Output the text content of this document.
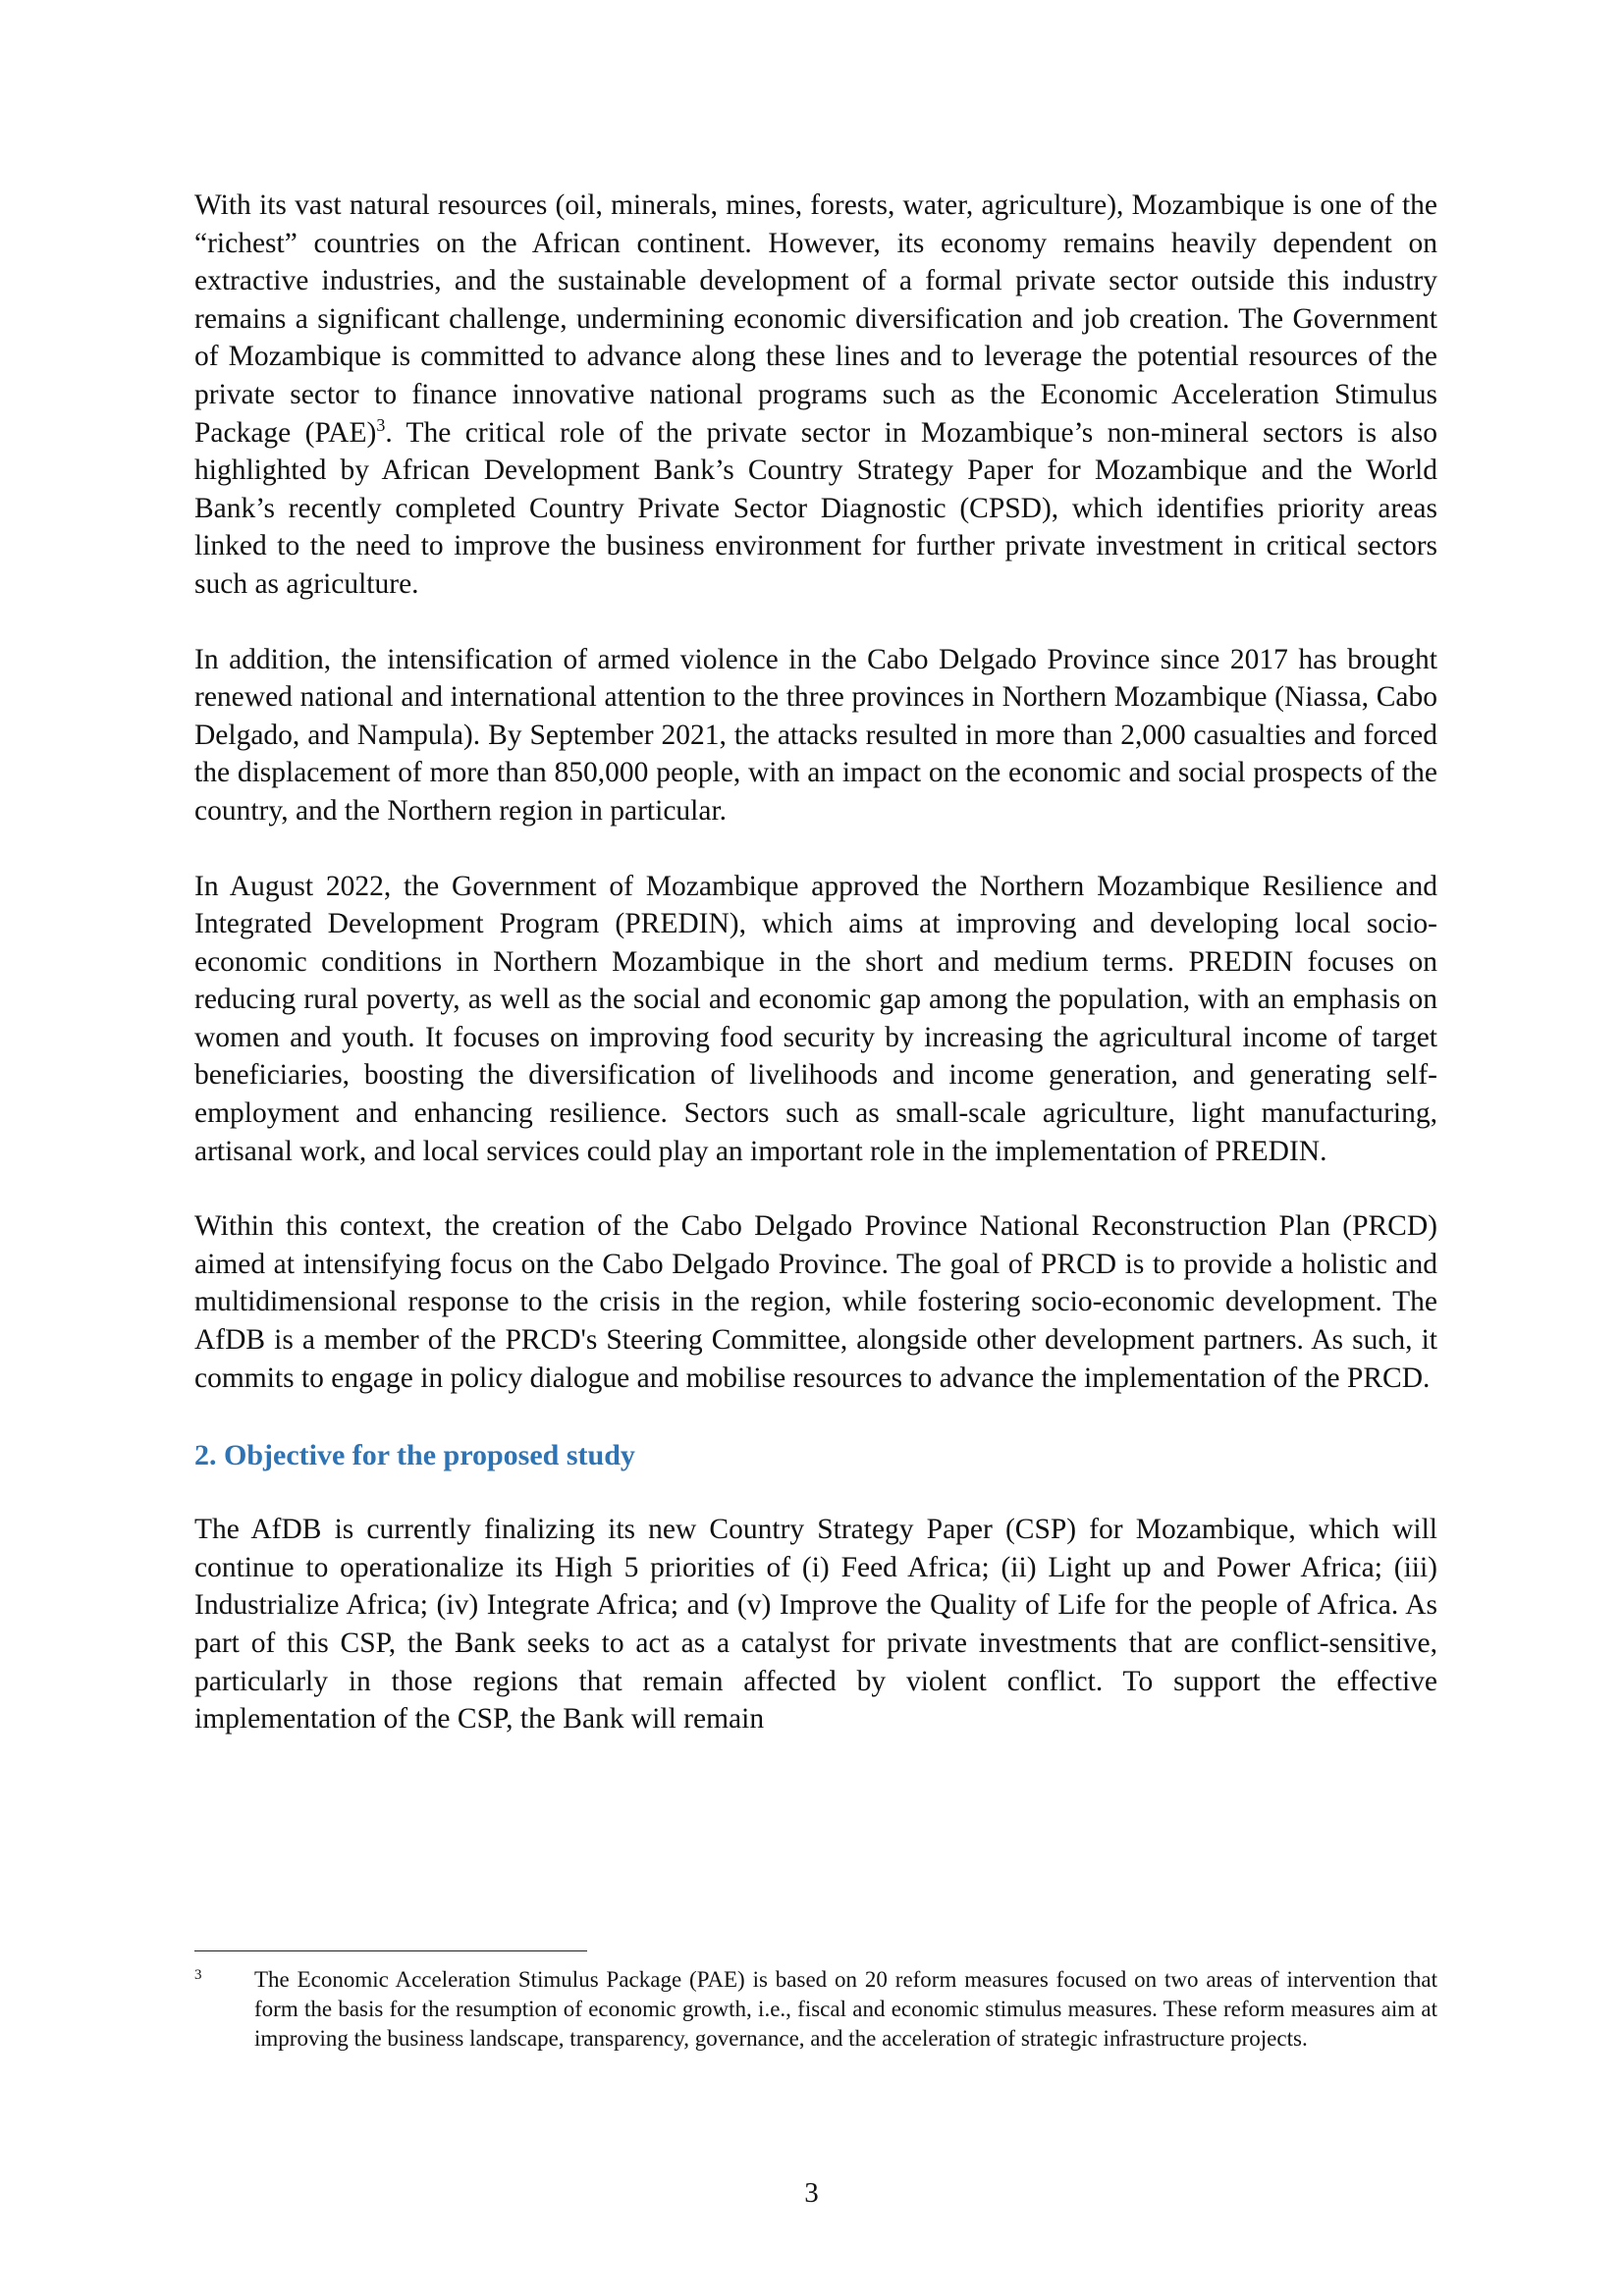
With its vast natural resources (oil, minerals, mines, forests, water, agriculture), Mozambique is one of the “richest” countries on the African continent. However, its economy remains heavily dependent on extractive industries, and the sustainable development of a formal private sector outside this industry remains a significant challenge, undermining economic diversification and job creation. The Government of Mozambique is committed to advance along these lines and to leverage the potential resources of the private sector to finance innovative national programs such as the Economic Acceleration Stimulus Package (PAE)$^3$. The critical role of the private sector in Mozambique’s non-mineral sectors is also highlighted by African Development Bank’s Country Strategy Paper for Mozambique and the World Bank’s recently completed Country Private Sector Diagnostic (CPSD), which identifies priority areas linked to the need to improve the business environment for further private investment in critical sectors such as agriculture.

In addition, the intensification of armed violence in the Cabo Delgado Province since 2017 has brought renewed national and international attention to the three provinces in Northern Mozambique (Niassa, Cabo Delgado, and Nampula). By September 2021, the attacks resulted in more than 2,000 casualties and forced the displacement of more than 850,000 people, with an impact on the economic and social prospects of the country, and the Northern region in particular.

In August 2022, the Government of Mozambique approved the Northern Mozambique Resilience and Integrated Development Program (PREDIN), which aims at improving and developing local socio-economic conditions in Northern Mozambique in the short and medium terms. PREDIN focuses on reducing rural poverty, as well as the social and economic gap among the population, with an emphasis on women and youth. It focuses on improving food security by increasing the agricultural income of target beneficiaries, boosting the diversification of livelihoods and income generation, and generating self-employment and enhancing resilience. Sectors such as small-scale agriculture, light manufacturing, artisanal work, and local services could play an important role in the implementation of PREDIN.

Within this context, the creation of the Cabo Delgado Province National Reconstruction Plan (PRCD) aimed at intensifying focus on the Cabo Delgado Province. The goal of PRCD is to provide a holistic and multidimensional response to the crisis in the region, while fostering socio-economic development. The AfDB is a member of the PRCD's Steering Committee, alongside other development partners. As such, it commits to engage in policy dialogue and mobilise resources to advance the implementation of the PRCD.

2. Objective for the proposed study

The AfDB is currently finalizing its new Country Strategy Paper (CSP) for Mozambique, which will continue to operationalize its High 5 priorities of (i) Feed Africa; (ii) Light up and Power Africa; (iii) Industrialize Africa; (iv) Integrate Africa; and (v) Improve the Quality of Life for the people of Africa. As part of this CSP, the Bank seeks to act as a catalyst for private investments that are conflict-sensitive, particularly in those regions that remain affected by violent conflict. To support the effective implementation of the CSP, the Bank will remain

3 The Economic Acceleration Stimulus Package (PAE) is based on 20 reform measures focused on two areas of intervention that form the basis for the resumption of economic growth, i.e., fiscal and economic stimulus measures. These reform measures aim at improving the business landscape, transparency, governance, and the acceleration of strategic infrastructure projects.
3
